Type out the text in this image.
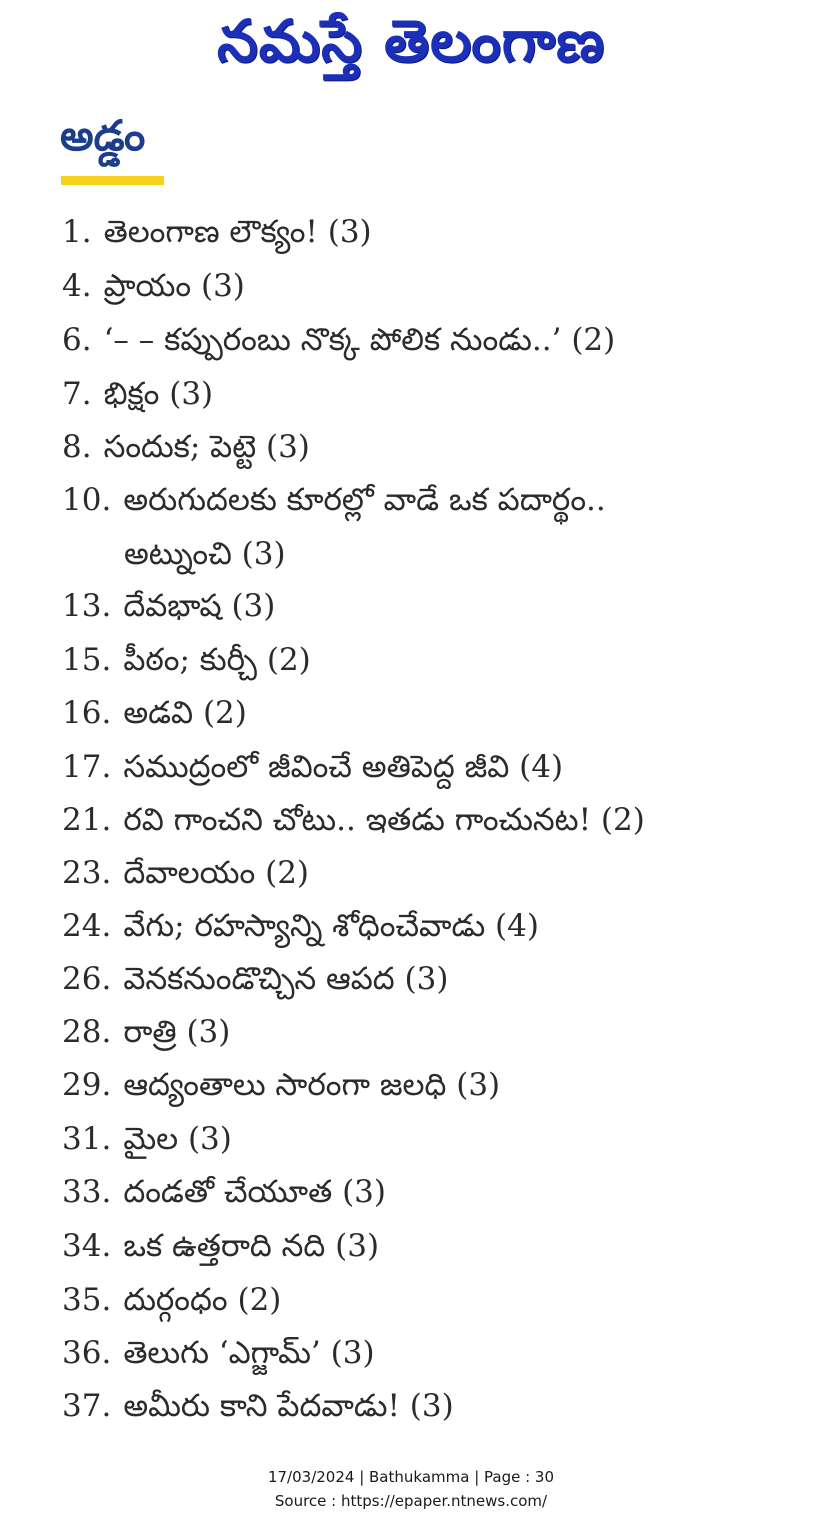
నమస్తే తెలంగాణ
అడ్డం
1. తెలంగాణ లౌక్యం! (3)
4. ప్రాయం (3)
6. ‘– – కప్పురంబు నొక్క పోలిక నుండు..’ (2)
7. భిక్షం (3)
8. సందుక; పెట్టె (3)
10. అరుగుదలకు కూరల్లో వాడే ఒక పదార్థం..
అట్నుంచి (3)
13. దేవభాష (3)
15. పీఠం; కుర్చీ (2)
16. అడవి (2)
17. సముద్రంలో జీవించే అతిపెద్ద జీవి (4)
21. రవి గాంచని చోటు.. ఇతడు గాంచునట! (2)
23. దేవాలయం (2)
24. వేగు; రహస్యాన్ని శోధించేవాడు (4)
26. వెనకనుండొచ్చిన ఆపద (3)
28. రాత్రి (3)
29. ఆద్యంతాలు సారంగా జలధి (3)
31. మైల (3)
33. దండతో చేయూత (3)
34. ఒక ఉత్తరాది నది (3)
35. దుర్గంధం (2)
36. తెలుగు ‘ఎగ్జామ్’ (3)
37. అమీరు కాని పేదవాడు! (3)
17/03/2024 | Bathukamma | Page : 30
Source : https://epaper.ntnews.com/
